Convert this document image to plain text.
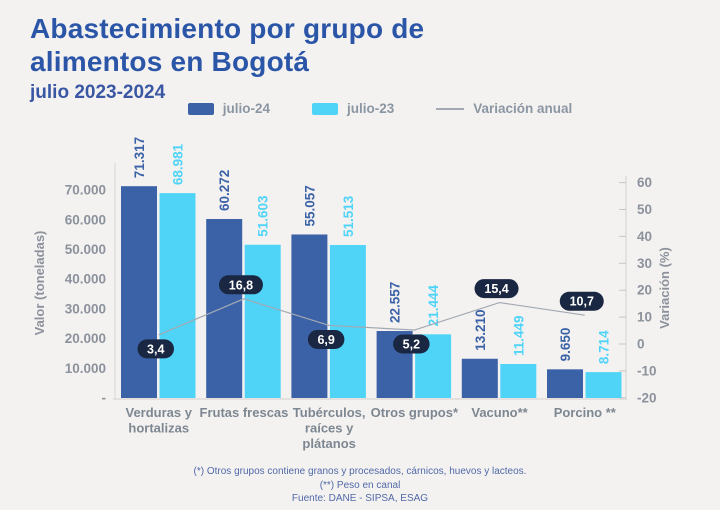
70.000
60.000
50.000
40.000
30.000
20.000
10.000
-
60
50
40
30
20
10
0
-10
-20
Valor (toneladas)	Variación (%)
71.317 68.981
60.272
51.603 55.057 51.513
22.557 21.444
13.210 11.449 9.650 8.714
3,4
16,8
6,9	5,2
15,4
10,7
Verduras y
hortalizas
Frutas frescas Tubérculos,
raíces y
plátanos
Otros grupos* Vacuno** Porcino **
Abastecimiento por grupo de
alimentos en Bogotá
julio 2023-2024
julio-24	julio-23	Variación anual
(*) Otros grupos contiene granos y procesados, cárnicos, huevos y lacteos.
(**) Peso en canal
Fuente: DANE - SIPSA, ESAG
